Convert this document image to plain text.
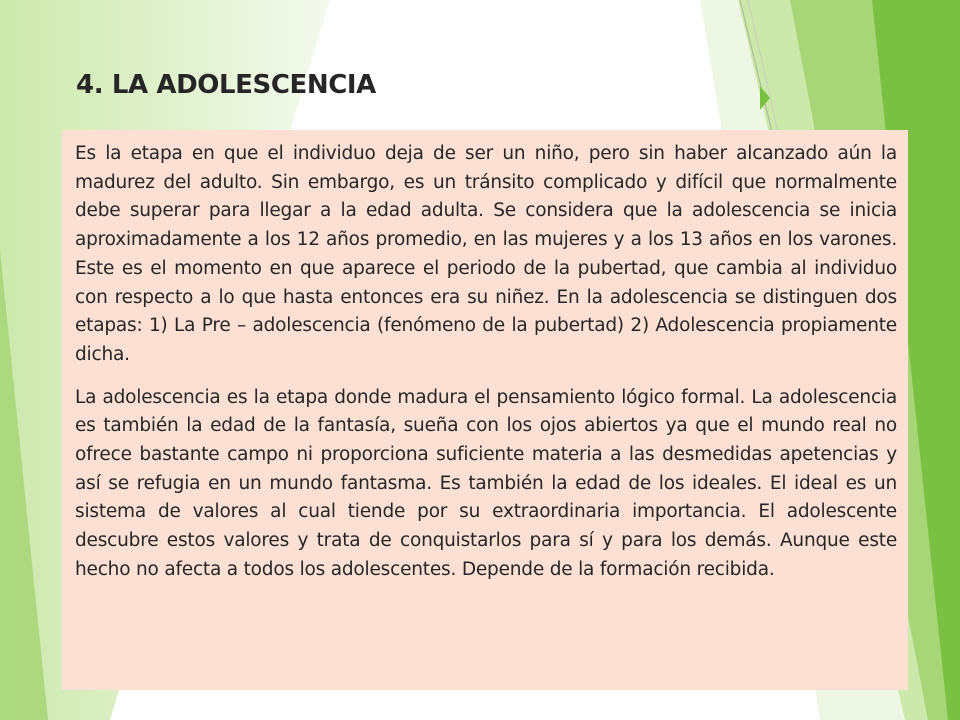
4. LA ADOLESCENCIA

Es la etapa en que el individuo deja de ser un niño, pero sin haber alcanzado aún la madurez del adulto. Sin embargo, es un tránsito complicado y difícil que normalmente debe superar para llegar a la edad adulta. Se considera que la adolescencia se inicia aproximadamente a los 12 años promedio, en las mujeres y a los 13 años en los varones. Este es el momento en que aparece el periodo de la pubertad, que cambia al individuo con respecto a lo que hasta entonces era su niñez. En la adolescencia se distinguen dos etapas: 1) La Pre – adolescencia (fenómeno de la pubertad) 2) Adolescencia propiamente dicha.

La adolescencia es la etapa donde madura el pensamiento lógico formal. La adolescencia es también la edad de la fantasía, sueña con los ojos abiertos ya que el mundo real no ofrece bastante campo ni proporciona suficiente materia a las desmedidas apetencias y así se refugia en un mundo fantasma. Es también la edad de los ideales. El ideal es un sistema de valores al cual tiende por su extraordinaria importancia. El adolescente descubre estos valores y trata de conquistarlos para sí y para los demás. Aunque este hecho no afecta a todos los adolescentes. Depende de la formación recibida.
